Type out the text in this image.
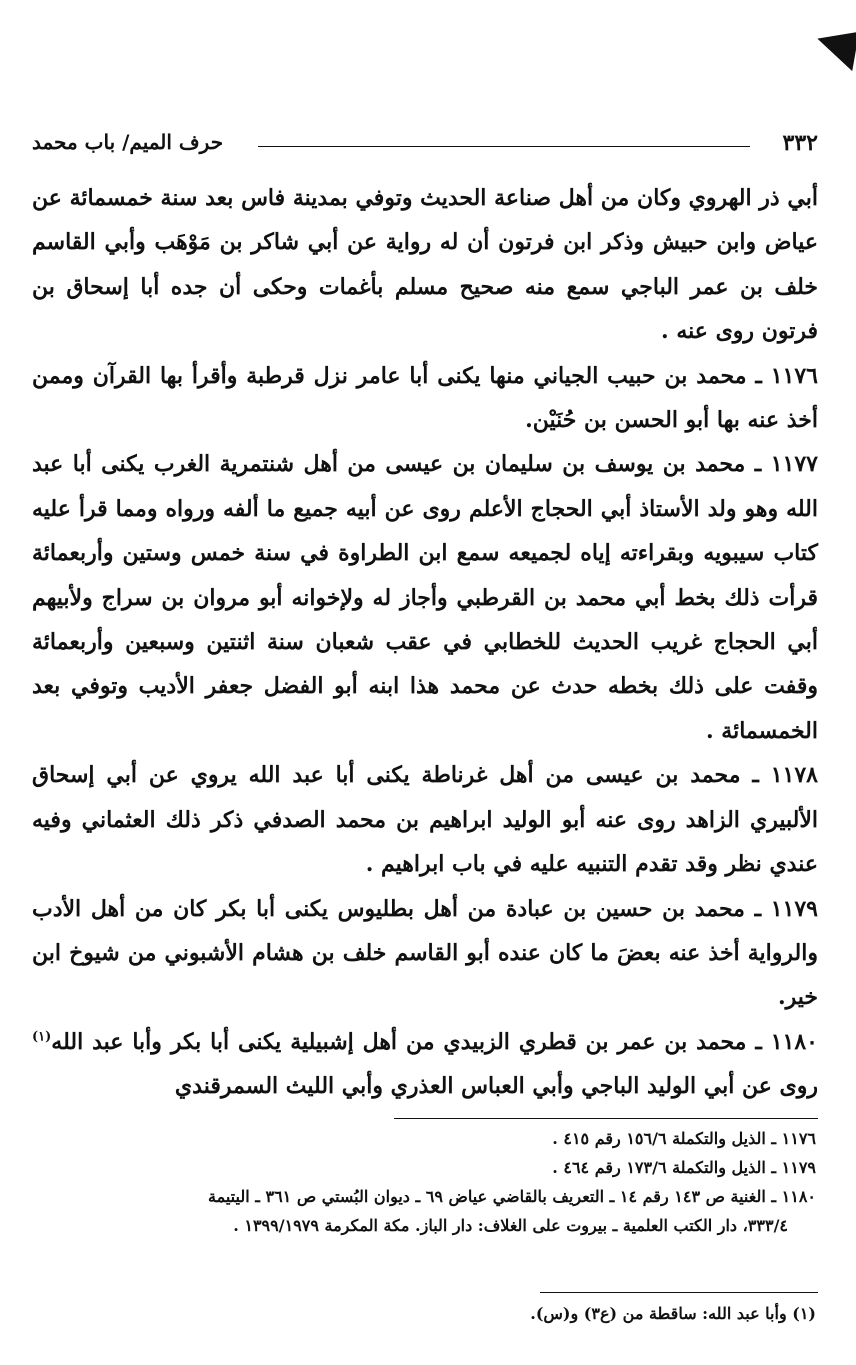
٣٣٢
حرف الميم/ باب محمد

أبي ذر الهروي وكان من أهل صناعة الحديث وتوفي بمدينة فاس بعد سنة خمسمائة عن عياض وابن حبيش وذكر ابن فرتون أن له رواية عن أبي شاكر بن مَوْهَب وأبي القاسم خلف بن عمر الباجي سمع منه صحيح مسلم بأغمات وحكى أن جده أبا إسحاق بن فرتون روى عنه .

١١٧٦ ـ محمد بن حبيب الجياني منها يكنى أبا عامر نزل قرطبة وأقرأ بها القرآن وممن أخذ عنه بها أبو الحسن بن حُنَيْن.

١١٧٧ ـ محمد بن يوسف بن سليمان بن عيسى من أهل شنتمرية الغرب يكنى أبا عبد الله وهو ولد الأستاذ أبي الحجاج الأعلم روى عن أبيه جميع ما ألفه ورواه ومما قرأ عليه كتاب سيبويه وبقراءته إياه لجميعه سمع ابن الطراوة في سنة خمس وستين وأربعمائة قرأت ذلك بخط أبي محمد بن القرطبي وأجاز له ولإخوانه أبو مروان بن سراج ولأبيهم أبي الحجاج غريب الحديث للخطابي في عقب شعبان سنة اثنتين وسبعين وأربعمائة وقفت على ذلك بخطه حدث عن محمد هذا ابنه أبو الفضل جعفر الأديب وتوفي بعد الخمسمائة .

١١٧٨ ـ محمد بن عيسى من أهل غرناطة يكنى أبا عبد الله يروي عن أبي إسحاق الألبيري الزاهد روى عنه أبو الوليد ابراهيم بن محمد الصدفي ذكر ذلك العثماني وفيه عندي نظر وقد تقدم التنبيه عليه في باب ابراهيم .

١١٧٩ ـ محمد بن حسين بن عبادة من أهل بطليوس يكنى أبا بكر كان من أهل الأدب والرواية أخذ عنه بعضَ ما كان عنده أبو القاسم خلف بن هشام الأشبوني من شيوخ ابن خير.

١١٨٠ ـ محمد بن عمر بن قطري الزبيدي من أهل إشبيلية يكنى أبا بكر وأبا عبد الله$^{(١)}$ روى عن أبي الوليد الباجي وأبي العباس العذري وأبي الليث السمرقندي

١١٧٦ ـ الذيل والتكملة ١٥٦/٦ رقم ٤١٥ .

١١٧٩ ـ الذيل والتكملة ١٧٣/٦ رقم ٤٦٤ .

١١٨٠ ـ الغنية ص ١٤٣ رقم ١٤ ـ التعريف بالقاضي عياض ٦٩ ـ ديوان البُستي ص ٣٦١ ـ اليتيمة

٣٣٣/٤، دار الكتب العلمية ـ بيروت على الغلاف: دار الباز. مكة المكرمة ١٣٩٩/١٩٧٩ .

(١) وأبا عبد الله: ساقطة من (ع٣) و(س).
